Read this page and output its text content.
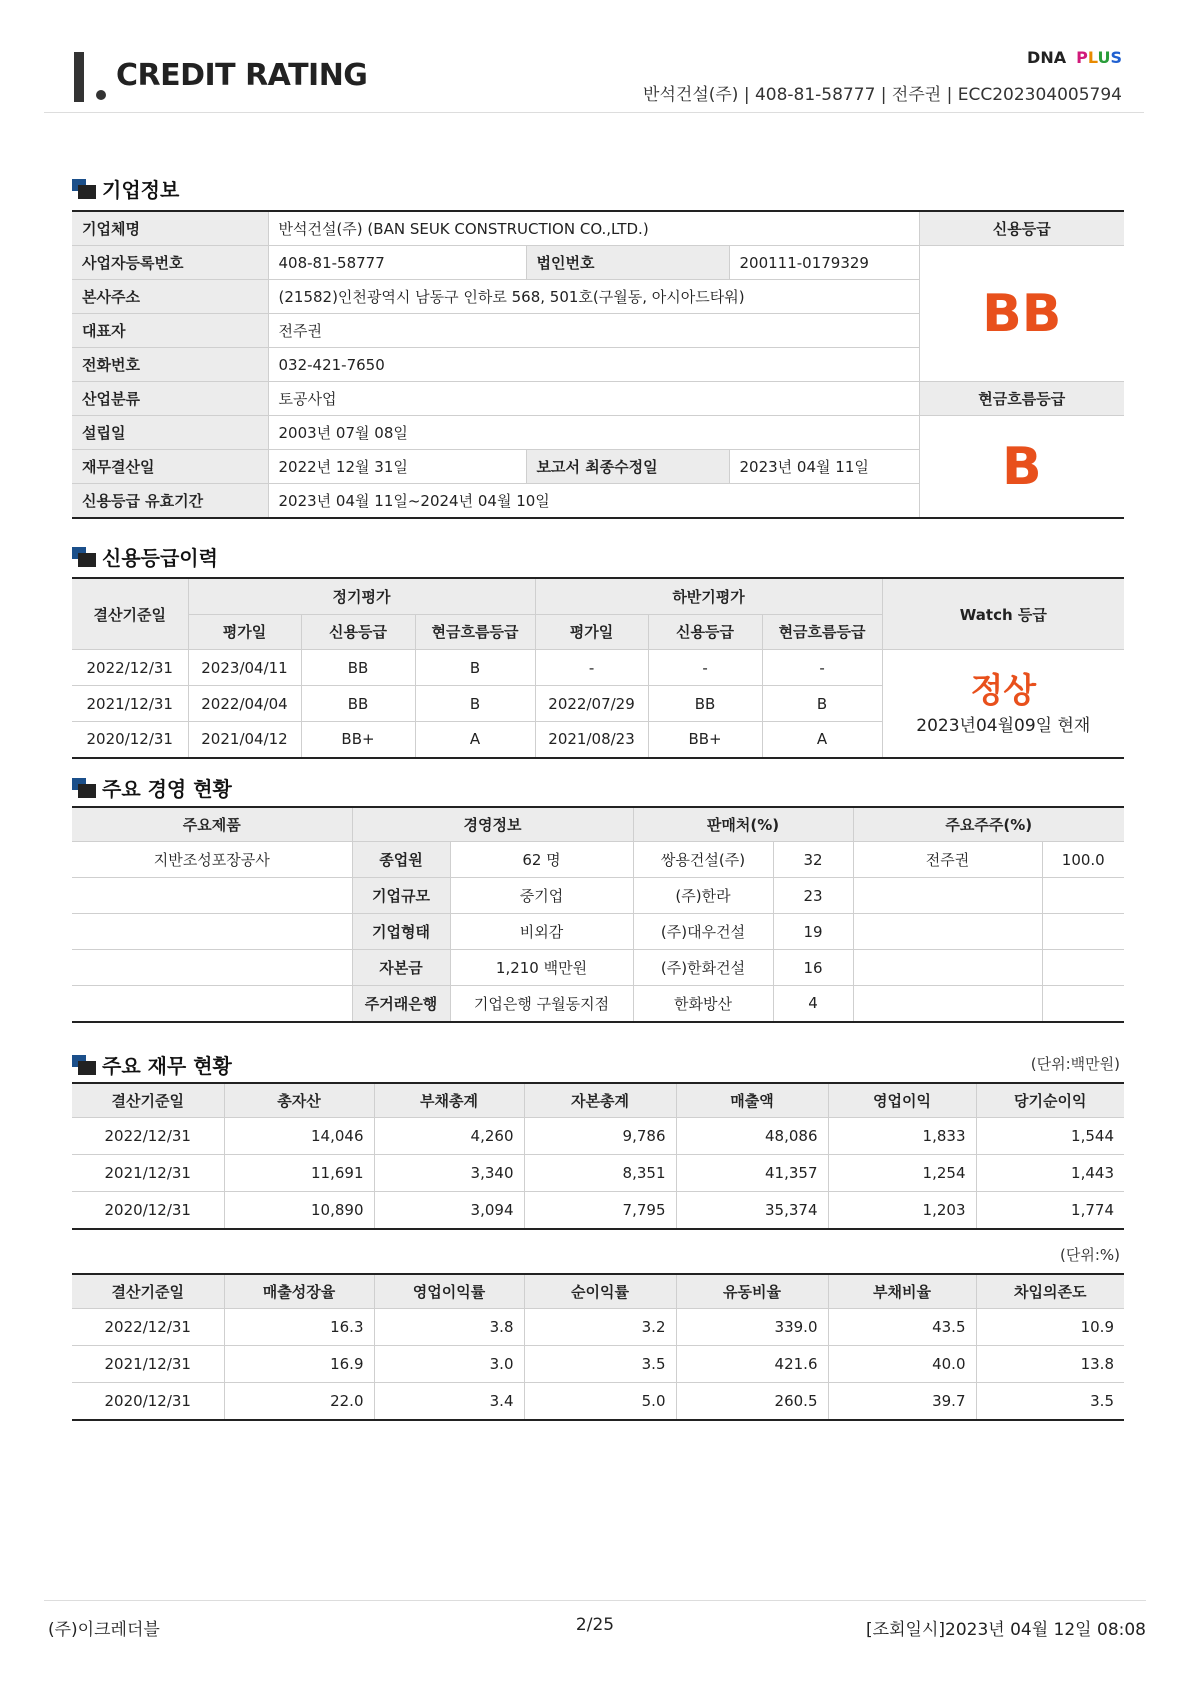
CREDIT RATING
DNA PLUS
반석건설(주) | 408-81-58777 | 전주권 | ECC202304005794
기업정보
기업체명	반석건설(주) (BAN SEUK CONSTRUCTION CO.,LTD.)			신용등급
사업자등록번호	408-81-58777	법인번호	200111-0179329	BB
본사주소	(21582)인천광역시 남동구 인하로 568, 501호(구월동, 아시아드타워)			
대표자	전주권			
전화번호	032-421-7650			
산업분류	토공사업			현금흐름등급
설립일	2003년 07월 08일			B
재무결산일	2022년 12월 31일	보고서 최종수정일	2023년 04월 11일	
신용등급 유효기간	2023년 04월 11일~2024년 04월 10일			
신용등급이력
결산기준일	정기평가			하반기평가			Watch 등급
	평가일	신용등급	현금흐름등급	평가일	신용등급	현금흐름등급	
2022/12/31	2023/04/11	BB	B	-	-	-	정상
2023년04월09일 현재

2021/12/31	2022/04/04	BB	B	2022/07/29	BB	B	
2020/12/31	2021/04/12	BB+	A	2021/08/23	BB+	A	
주요 경영 현황
주요제품	경영정보		판매처(%)		주요주주(%)	
지반조성포장공사	종업원	62 명	쌍용건설(주)	32	전주권	100.0
	기업규모	중기업	(주)한라	23		
	기업형태	비외감	(주)대우건설	19		
	자본금	1,210 백만원	(주)한화건설	16		
	주거래은행	기업은행 구월동지점	한화방산	4		
주요 재무 현황	(단위:백만원)
결산기준일	총자산	부채총계	자본총계	매출액	영업이익	당기순이익
2022/12/31	14,046	4,260	9,786	48,086	1,833	1,544
2021/12/31	11,691	3,340	8,351	41,357	1,254	1,443
2020/12/31	10,890	3,094	7,795	35,374	1,203	1,774
(단위:%)
결산기준일	매출성장율	영업이익률	순이익률	유동비율	부채비율	차입의존도
2022/12/31	16.3	3.8	3.2	339.0	43.5	10.9
2021/12/31	16.9	3.0	3.5	421.6	40.0	13.8
2020/12/31	22.0	3.4	5.0	260.5	39.7	3.5
(주)이크레더블	2/25	[조회일시]2023년 04월 12일 08:08
